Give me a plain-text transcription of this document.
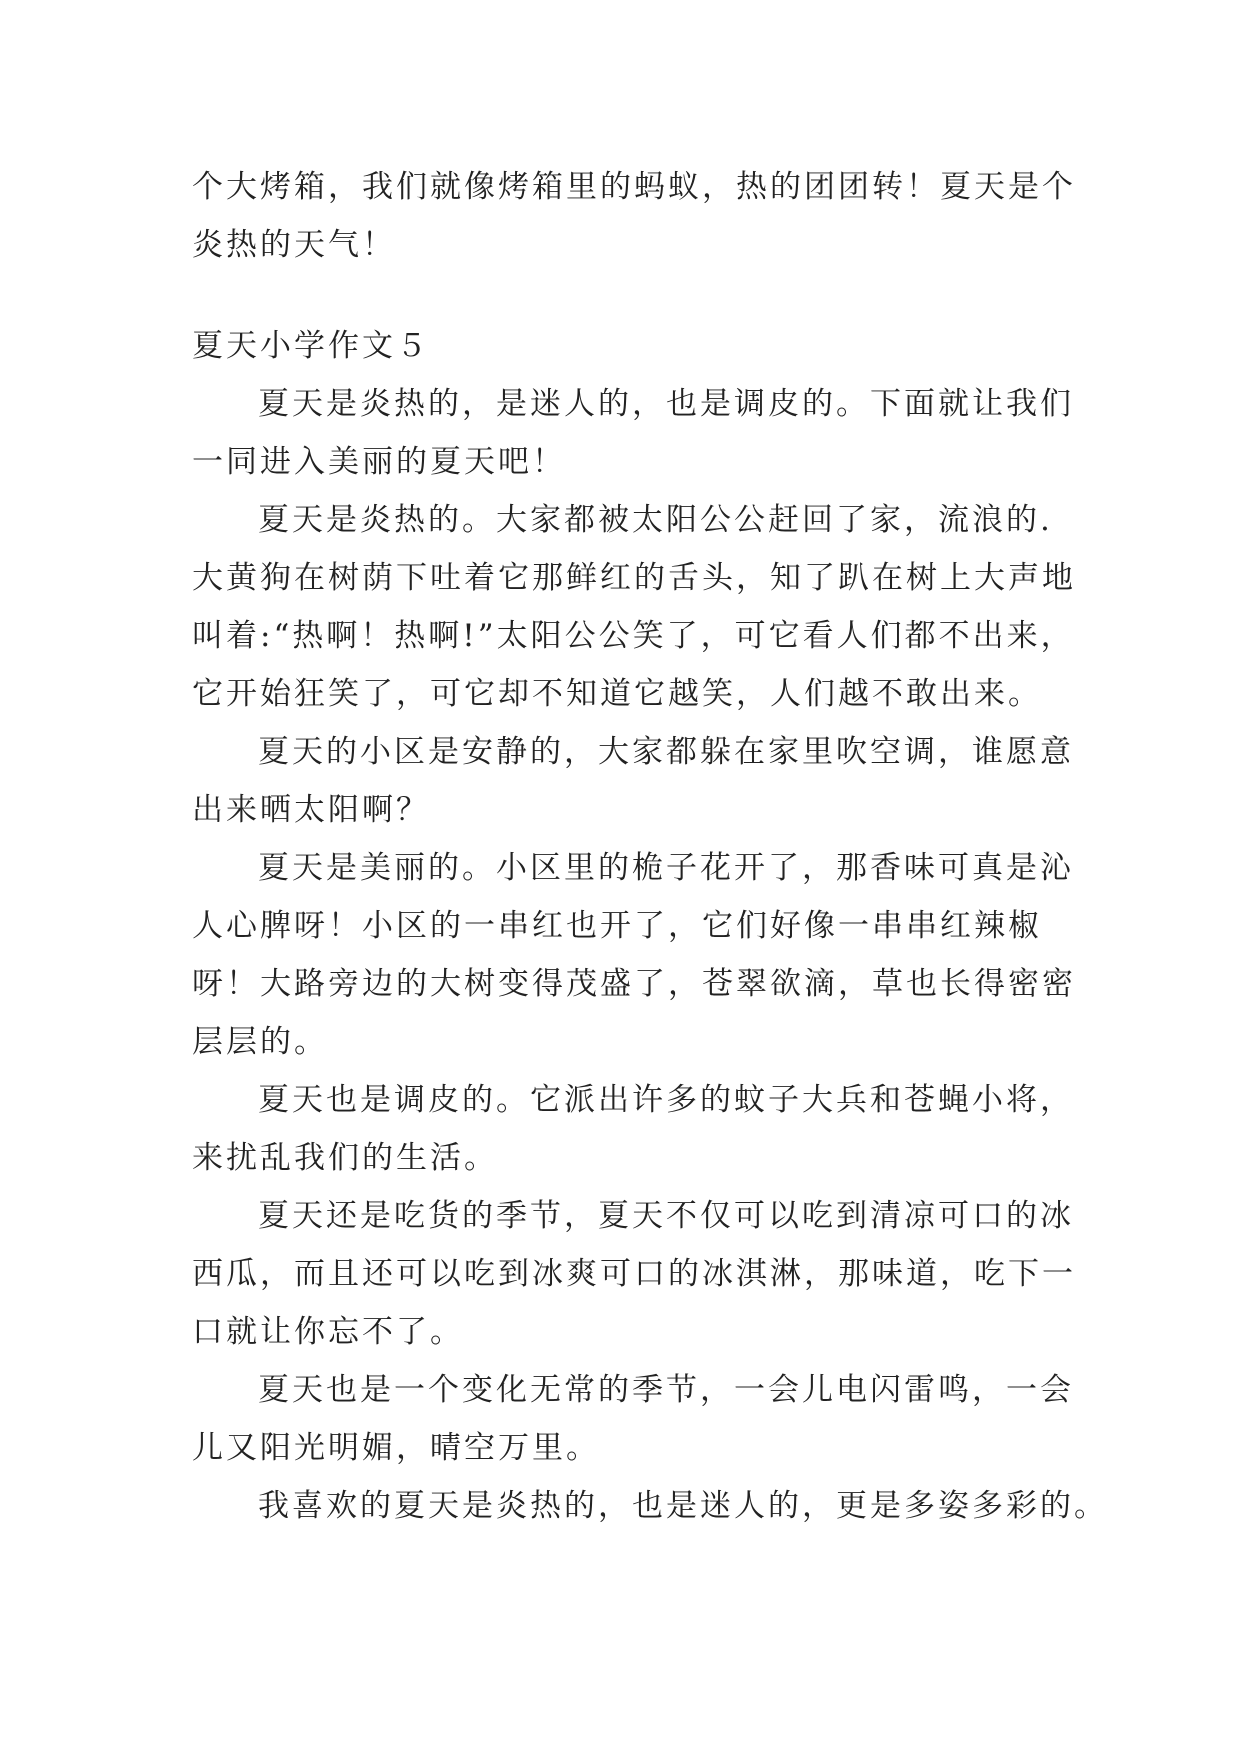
个大烤箱，我们就像烤箱里的蚂蚁，热的团团转！夏天是个
炎热的天气！
夏天小学作文５
夏天是炎热的，是迷人的，也是调皮的。下面就让我们
一同进入美丽的夏天吧！
夏天是炎热的。大家都被太阳公公赶回了家，流浪的.
大黄狗在树荫下吐着它那鲜红的舌头，知了趴在树上大声地
叫着:“热啊！热啊!”太阳公公笑了，可它看人们都不出来，
它开始狂笑了，可它却不知道它越笑，人们越不敢出来。
夏天的小区是安静的，大家都躲在家里吹空调，谁愿意
出来晒太阳啊？
夏天是美丽的。小区里的桅子花开了，那香味可真是沁
人心脾呀！小区的一串红也开了，它们好像一串串红辣椒
呀！大路旁边的大树变得茂盛了，苍翠欲滴，草也长得密密
层层的。
夏天也是调皮的。它派出许多的蚊子大兵和苍蝇小将，
来扰乱我们的生活。
夏天还是吃货的季节，夏天不仅可以吃到清凉可口的冰
西瓜，而且还可以吃到冰爽可口的冰淇淋，那味道，吃下一
口就让你忘不了。
夏天也是一个变化无常的季节，一会儿电闪雷鸣，一会
儿又阳光明媚，晴空万里。
我喜欢的夏天是炎热的，也是迷人的，更是多姿多彩的。
